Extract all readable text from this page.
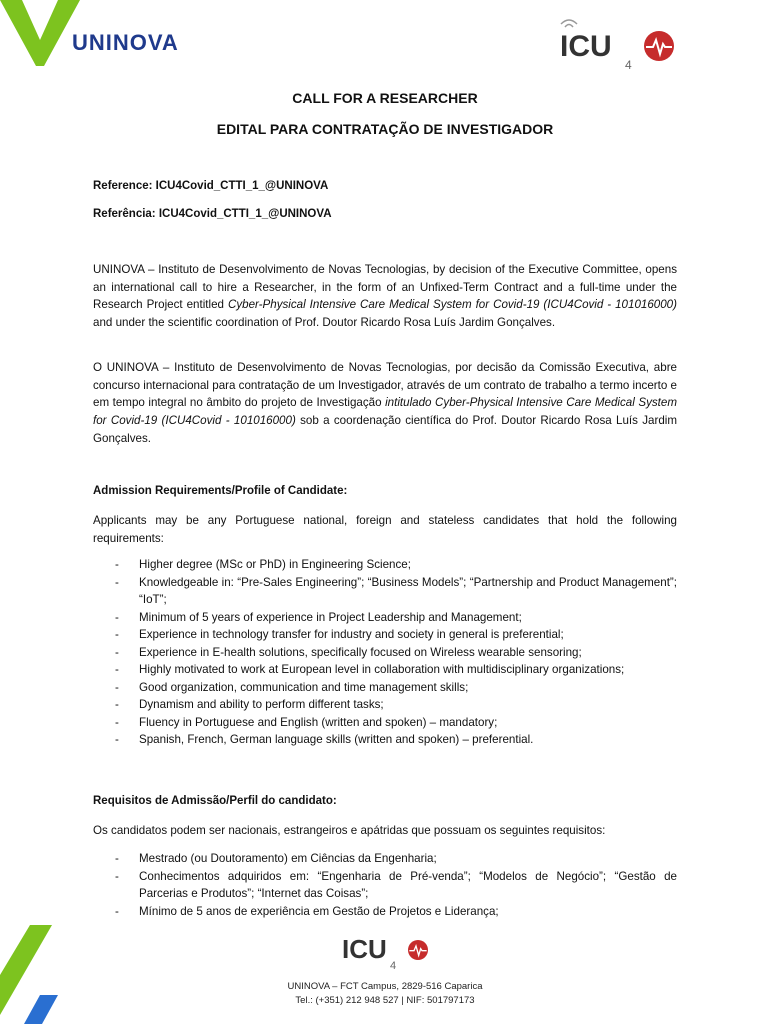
UNINOVA	ICU
4
CALL FOR A RESEARCHER
EDITAL PARA CONTRATAÇÃO DE INVESTIGADOR
Reference: ICU4Covid_CTTI_1_@UNINOVA
Referência: ICU4Covid_CTTI_1_@UNINOVA

UNINOVA – Instituto de Desenvolvimento de Novas Tecnologias, by decision of the Executive Committee, opens an international call to hire a Researcher, in the form of an Unfixed-Term Contract and a full-time under the Research Project entitled Cyber-Physical Intensive Care Medical System for Covid-19 (ICU4Covid - 101016000) and under the scientific coordination of Prof. Doutor Ricardo Rosa Luís Jardim Gonçalves.

O UNINOVA – Instituto de Desenvolvimento de Novas Tecnologias, por decisão da Comissão Executiva, abre concurso internacional para contratação de um Investigador, através de um contrato de trabalho a termo incerto e em tempo integral no âmbito do projeto de Investigação intitulado Cyber-Physical Intensive Care Medical System for Covid-19 (ICU4Covid - 101016000) sob a coordenação científica do Prof. Doutor Ricardo Rosa Luís Jardim Gonçalves.

Admission Requirements/Profile of Candidate:

Applicants may be any Portuguese national, foreign and stateless candidates that hold the following requirements:

- Higher degree (MSc or PhD) in Engineering Science;
- Knowledgeable in: “Pre-Sales Engineering”; “Business Models”; “Partnership and Product Management”; “IoT”;
- Minimum of 5 years of experience in Project Leadership and Management;
- Experience in technology transfer for industry and society in general is preferential;
- Experience in E-health solutions, specifically focused on Wireless wearable sensoring;
- Highly motivated to work at European level in collaboration with multidisciplinary organizations;
- Good organization, communication and time management skills;
- Dynamism and ability to perform different tasks;
- Fluency in Portuguese and English (written and spoken) – mandatory;
- Spanish, French, German language skills (written and spoken) – preferential.
Requisitos de Admissão/Perfil do candidato:

Os candidatos podem ser nacionais, estrangeiros e apátridas que possuam os seguintes requisitos:

- Mestrado (ou Doutoramento) em Ciências da Engenharia;
- Conhecimentos adquiridos em: “Engenharia de Pré-venda”; “Modelos de Negócio”; “Gestão de Parcerias e Produtos”; “Internet das Coisas”;
- Mínimo de 5 anos de experiência em Gestão de Projetos e Liderança;
ICU
4
UNINOVA – FCT Campus, 2829-516 Caparica
Tel.: (+351) 212 948 527 | NIF: 501797173
